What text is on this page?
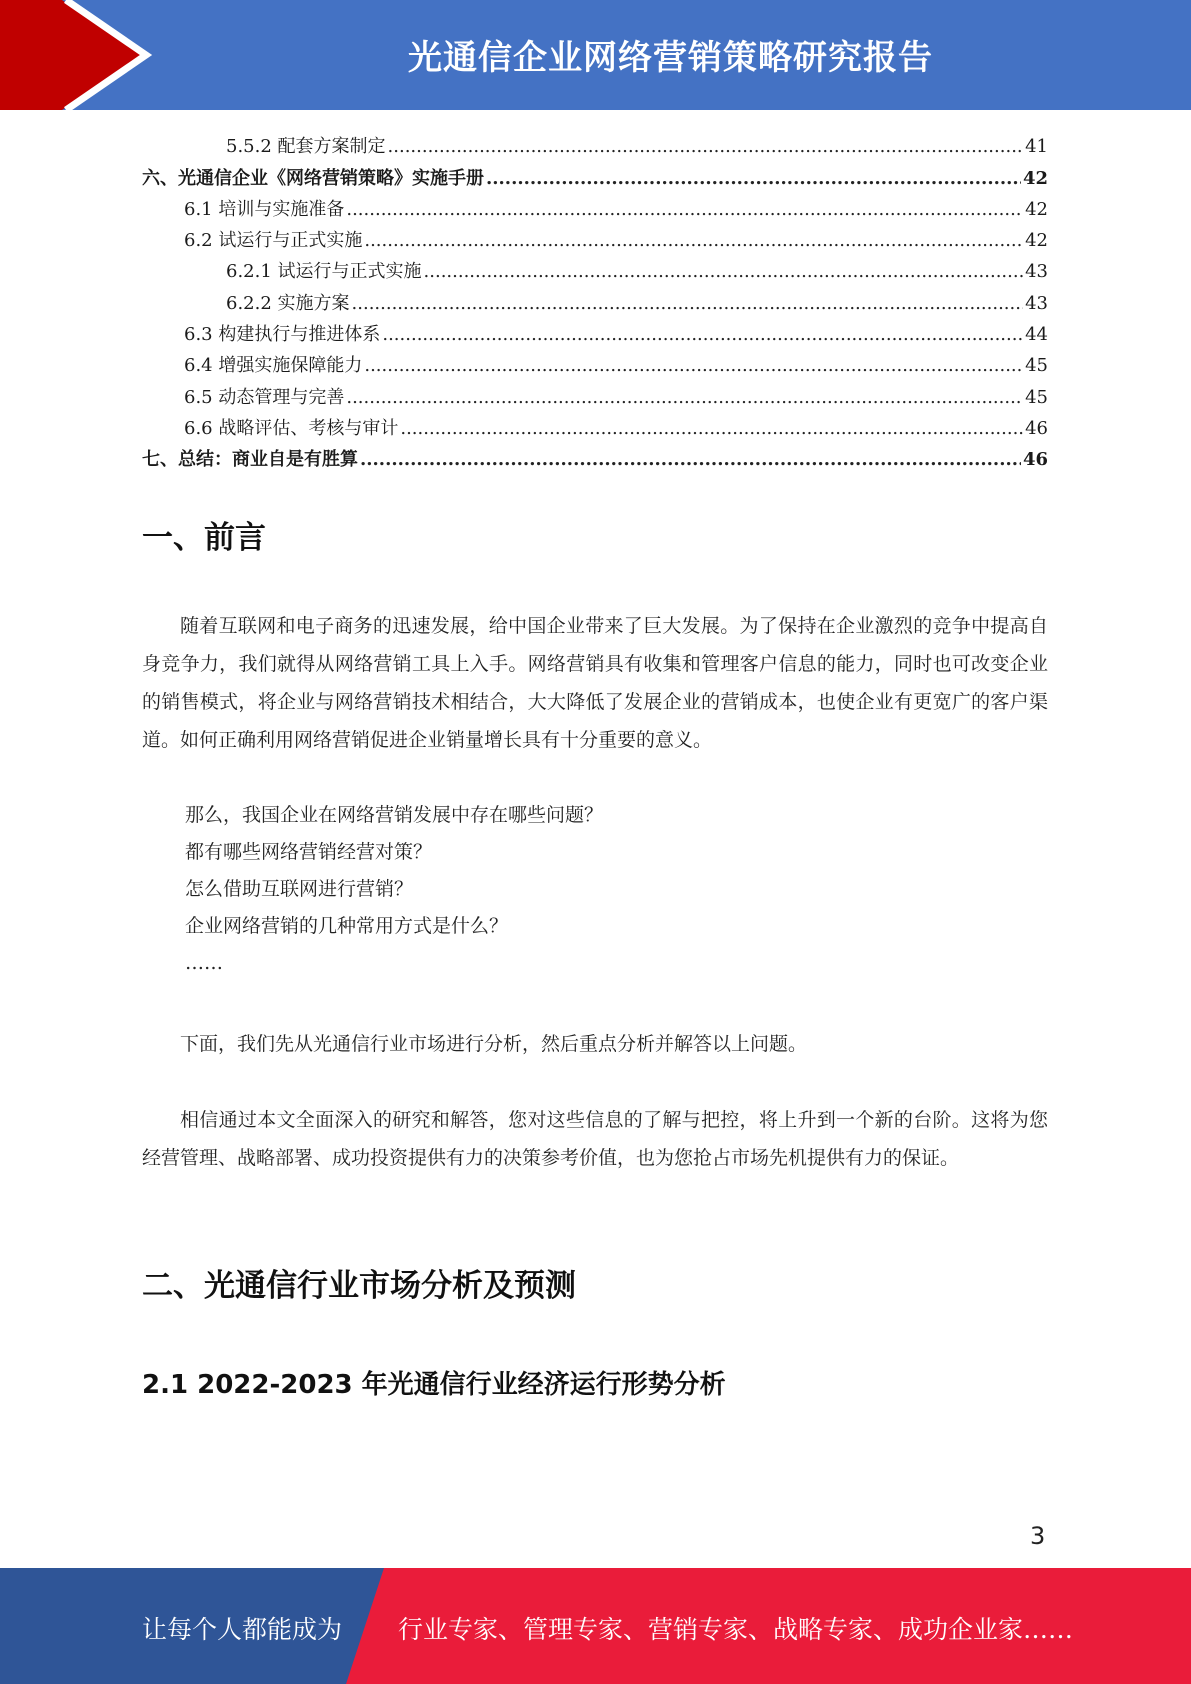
光通信企业网络营销策略研究报告
5.5.2 配套方案制定 .....	41
六、光通信企业《网络营销策略》实施手册 .....	42
6.1 培训与实施准备 .....	42
6.2 试运行与正式实施 .....	42
6.2.1 试运行与正式实施 .....	43
6.2.2 实施方案 .....	43
6.3 构建执行与推进体系 .....	44
6.4 增强实施保障能力 .....	45
6.5 动态管理与完善 .....	45
6.6 战略评估、考核与审计 .....	46
七、总结：商业自是有胜算 .....	46
一、前言

随着互联网和电子商务的迅速发展，给中国企业带来了巨大发展。为了保持在企业激烈的竞争中提高自身竞争力，我们就得从网络营销工具上入手。网络营销具有收集和管理客户信息的能力，同时也可改变企业的销售模式，将企业与网络营销技术相结合，大大降低了发展企业的营销成本，也使企业有更宽广的客户渠道。如何正确利用网络营销促进企业销量增长具有十分重要的意义。

那么，我国企业在网络营销发展中存在哪些问题？
都有哪些网络营销经营对策？
怎么借助互联网进行营销？
企业网络营销的几种常用方式是什么？
……

下面，我们先从光通信行业市场进行分析，然后重点分析并解答以上问题。

相信通过本文全面深入的研究和解答，您对这些信息的了解与把控，将上升到一个新的台阶。这将为您经营管理、战略部署、成功投资提供有力的决策参考价值，也为您抢占市场先机提供有力的保证。

二、光通信行业市场分析及预测
2.1 2022-2023 年光通信行业经济运行形势分析
3
让每个人都能成为 行业专家、管理专家、营销专家、战略专家、成功企业家……
